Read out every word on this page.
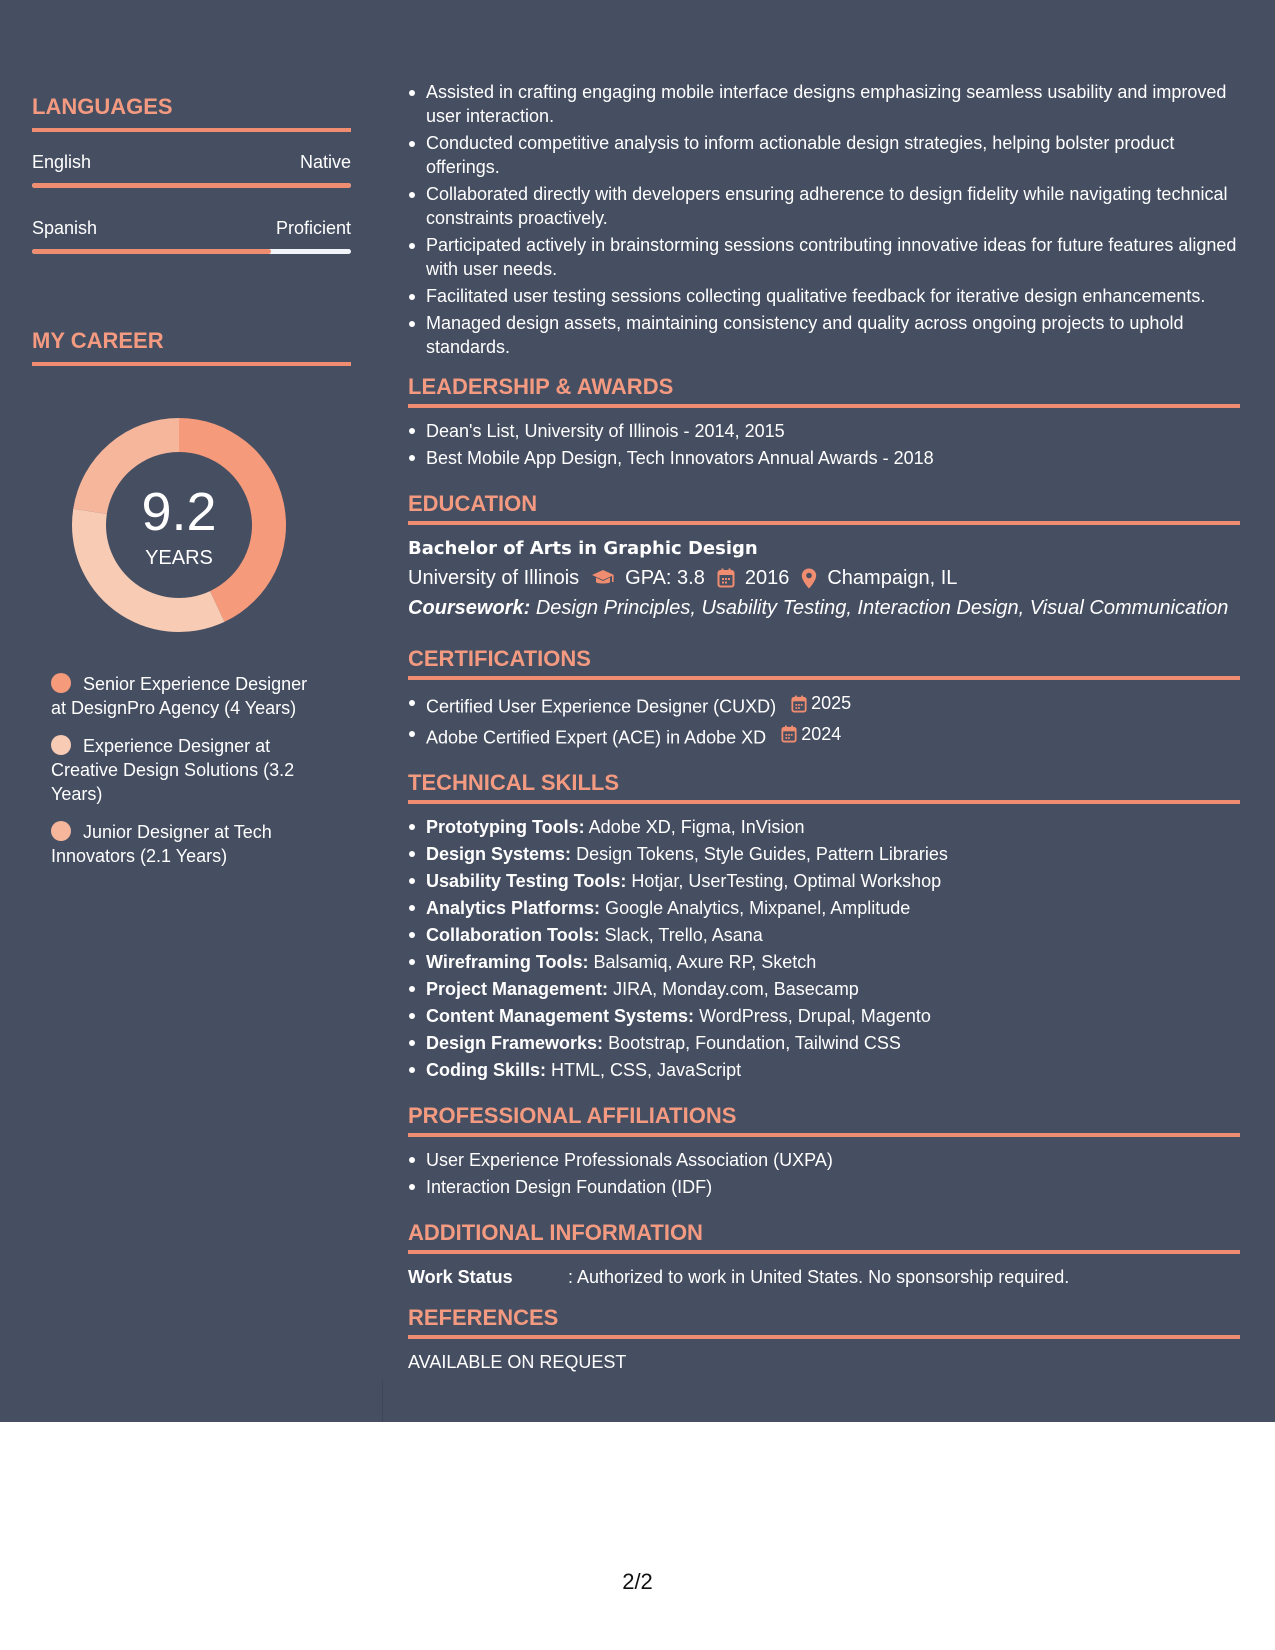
LANGUAGES
English	Native
Spanish	Proficient
MY CAREER
9.2
YEARS
Senior Experience Designer at DesignPro Agency (4 Years)
Experience Designer at Creative Design Solutions (3.2 Years)
Junior Designer at Tech Innovators (2.1 Years)
Assisted in crafting engaging mobile interface designs emphasizing seamless usability and improved user interaction.
Conducted competitive analysis to inform actionable design strategies, helping bolster product offerings.
Collaborated directly with developers ensuring adherence to design fidelity while navigating technical constraints proactively.
Participated actively in brainstorming sessions contributing innovative ideas for future features aligned with user needs.
Facilitated user testing sessions collecting qualitative feedback for iterative design enhancements.
Managed design assets, maintaining consistency and quality across ongoing projects to uphold standards.
LEADERSHIP & AWARDS
Dean's List, University of Illinois - 2014, 2015
Best Mobile App Design, Tech Innovators Annual Awards - 2018
EDUCATION
Bachelor of Arts in Graphic Design
University of Illinois GPA: 3.8 2016 Champaign, IL
Coursework: Design Principles, Usability Testing, Interaction Design, Visual Communication
CERTIFICATIONS
Certified User Experience Designer (CUXD) 2025
Adobe Certified Expert (ACE) in Adobe XD 2024
TECHNICAL SKILLS
Prototyping Tools: Adobe XD, Figma, InVision
Design Systems: Design Tokens, Style Guides, Pattern Libraries
Usability Testing Tools: Hotjar, UserTesting, Optimal Workshop
Analytics Platforms: Google Analytics, Mixpanel, Amplitude
Collaboration Tools: Slack, Trello, Asana
Wireframing Tools: Balsamiq, Axure RP, Sketch
Project Management: JIRA, Monday.com, Basecamp
Content Management Systems: WordPress, Drupal, Magento
Design Frameworks: Bootstrap, Foundation, Tailwind CSS
Coding Skills: HTML, CSS, JavaScript
PROFESSIONAL AFFILIATIONS
User Experience Professionals Association (UXPA)
Interaction Design Foundation (IDF)
ADDITIONAL INFORMATION
Work Status	: Authorized to work in United States. No sponsorship required.
REFERENCES
AVAILABLE ON REQUEST
2/2
